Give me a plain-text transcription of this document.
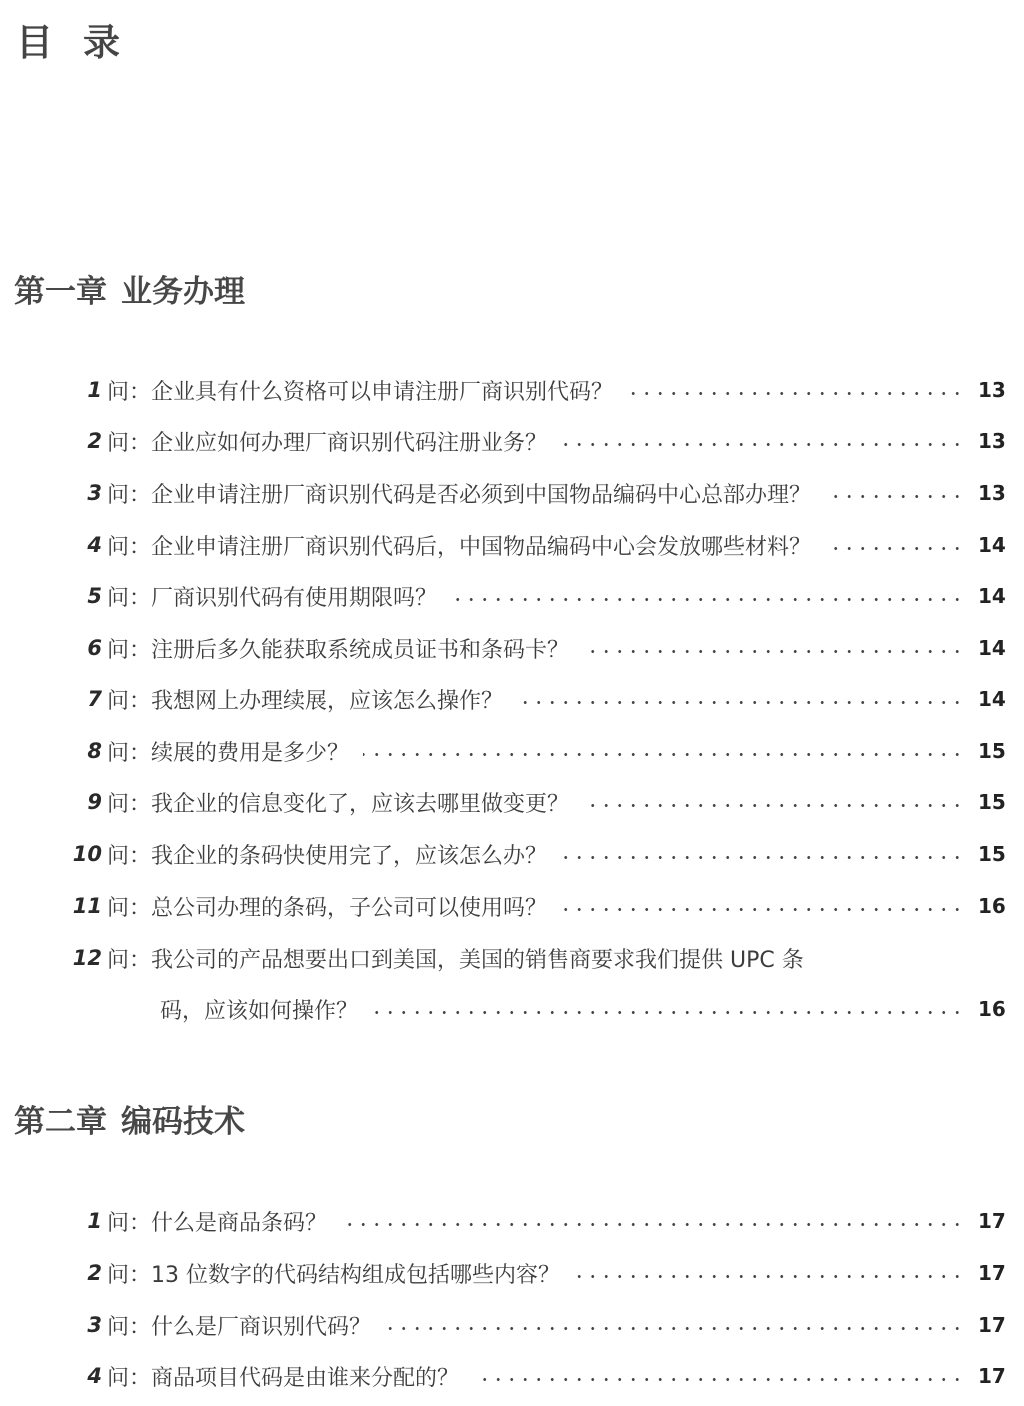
目 录
第一章 业务办理
1 问： 企业具有什么资格可以申请注册厂商识别代码？	13
2 问： 企业应如何办理厂商识别代码注册业务？	13
3 问： 企业申请注册厂商识别代码是否必须到中国物品编码中心总部办理？	13
4 问： 企业申请注册厂商识别代码后，中国物品编码中心会发放哪些材料？	14
5 问： 厂商识别代码有使用期限吗？	14
6 问： 注册后多久能获取系统成员证书和条码卡？	14
7 问： 我想网上办理续展，应该怎么操作？	14
8 问： 续展的费用是多少？	15
9 问： 我企业的信息变化了，应该去哪里做变更？	15
10 问： 我企业的条码快使用完了，应该怎么办？	15
11 问： 总公司办理的条码，子公司可以使用吗？	16
12 问： 我公司的产品想要出口到美国，美国的销售商要求我们提供 UPC 条
码，应该如何操作？	16
第二章 编码技术
1 问： 什么是商品条码？	17
2 问： 13 位数字的代码结构组成包括哪些内容？	17
3 问： 什么是厂商识别代码？	17
4 问： 商品项目代码是由谁来分配的？	17
